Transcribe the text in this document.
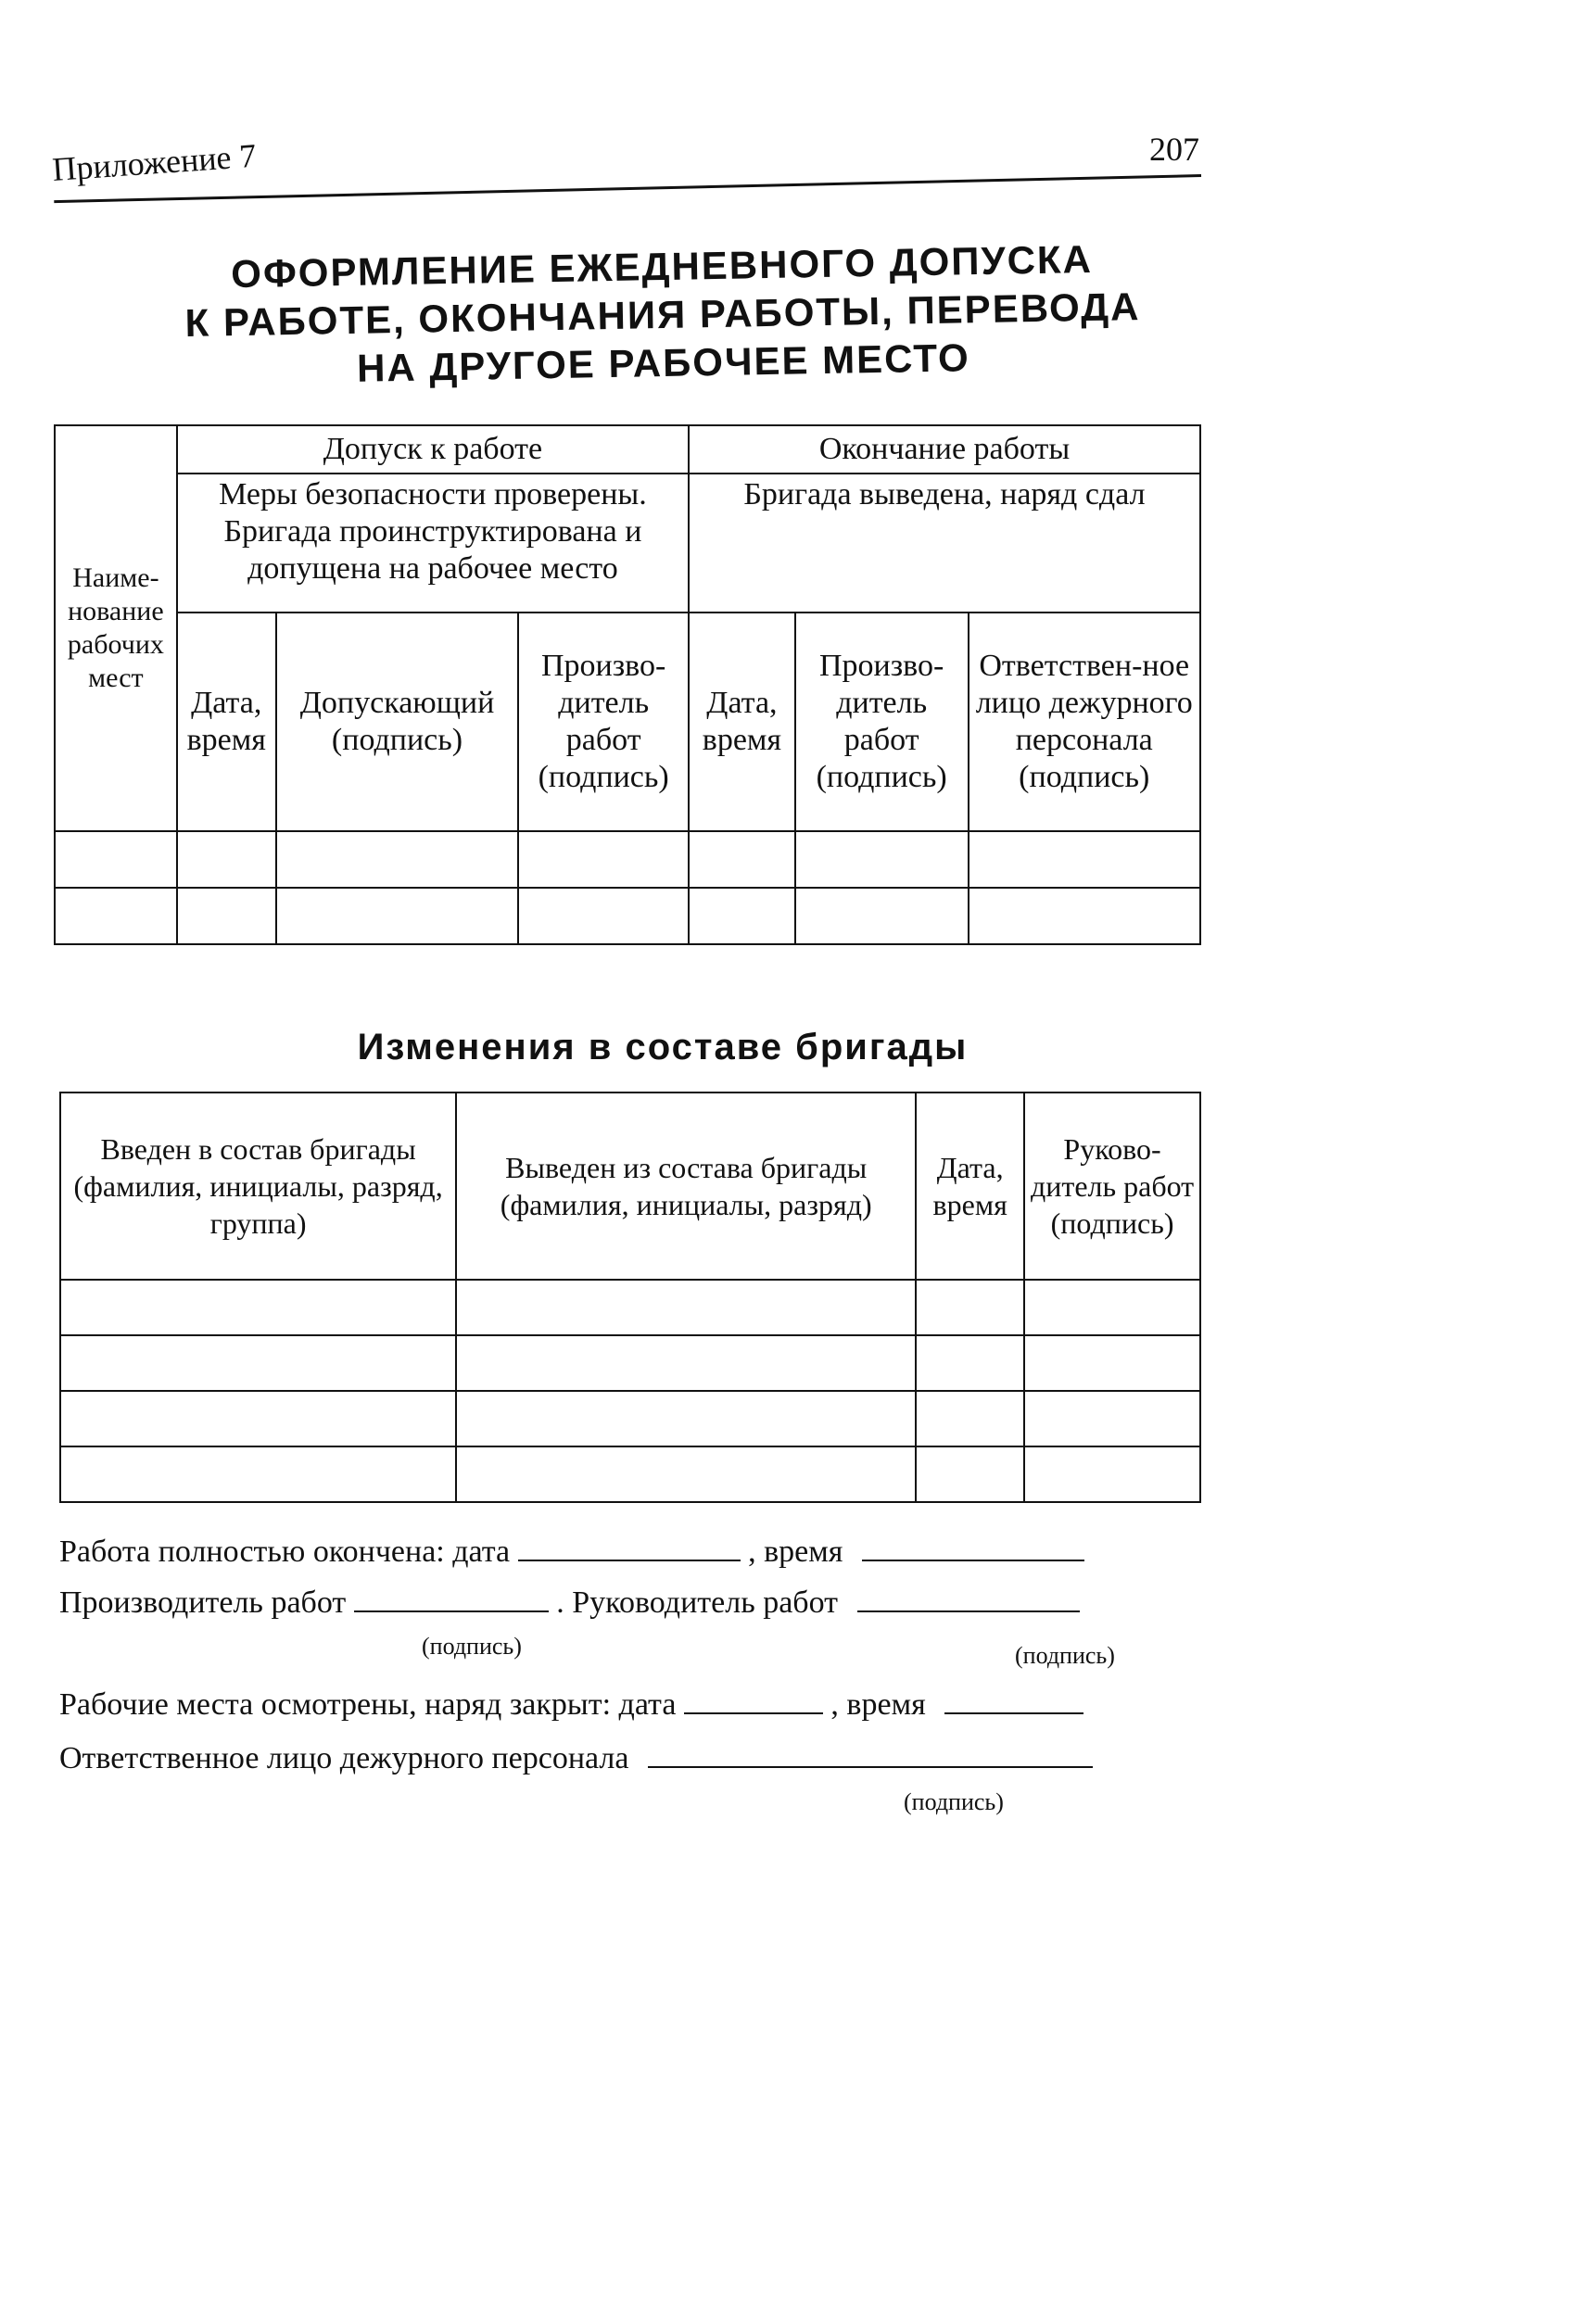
Приложение 7	207
ОФОРМЛЕНИЕ ЕЖЕДНЕВНОГО ДОПУСКА
К РАБОТЕ, ОКОНЧАНИЯ РАБОТЫ, ПЕРЕВОДА
НА ДРУГОЕ РАБОЧЕЕ МЕСТО
Наиме-нование рабочих мест	Допуск к работе			Окончание работы		
	Меры безопасности проверены. Бригада проинструктирована и допущена на рабочее место			Бригада выведена, наряд сдал		
	Дата, время	Допускающий (подпись)	Произво-дитель работ (подпись)	Дата, время	Произво-дитель работ (подпись)	Ответствен-ное лицо дежурного персонала (подпись)

Изменения в составе бригады
Введен в состав бригады (фамилия, инициалы, разряд, группа)	Выведен из состава бригады (фамилия, инициалы, разряд)	Дата, время	Руково-дитель работ (подпись)

Работа полностью окончена: дата	, время
Производитель работ	. Руководитель работ
(подпись)	(подпись)
Рабочие места осмотрены, наряд закрыт: дата	, время
Ответственное лицо дежурного персонала
(подпись)
